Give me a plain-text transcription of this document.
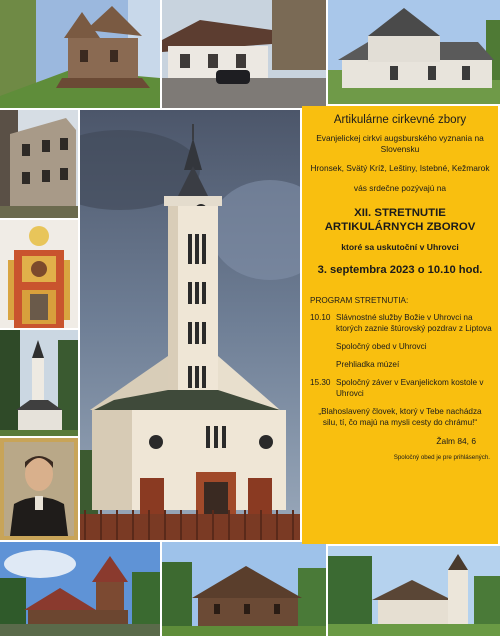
Artikulárne cirkevné zbory
Evanjelickej cirkvi augsburského vyznania na Slovensku
Hronsek, Svätý Kríž, Leštiny, Istebné, Kežmarok
vás srdečne pozývajú na
XII. STRETNUTIE ARTIKULÁRNYCH ZBOROV
ktoré sa uskutoční v Uhrovci
3. septembra 2023 o 10.10 hod.
PROGRAM STRETNUTIA:
10.10 Slávnostné služby Božie v Uhrovci na ktorých zaznie štúrovský pozdrav z Liptova
Spoločný obed v Uhrovci
Prehliadka múzeí
15.30 Spoločný záver v Evanjelickom kostole v Uhrovci
„Blahoslavený človek, ktorý v Tebe nachádza silu, tí, čo majú na mysli cesty do chrámu!“
Žalm 84, 6
Spoločný obed je pre prihlásených.
